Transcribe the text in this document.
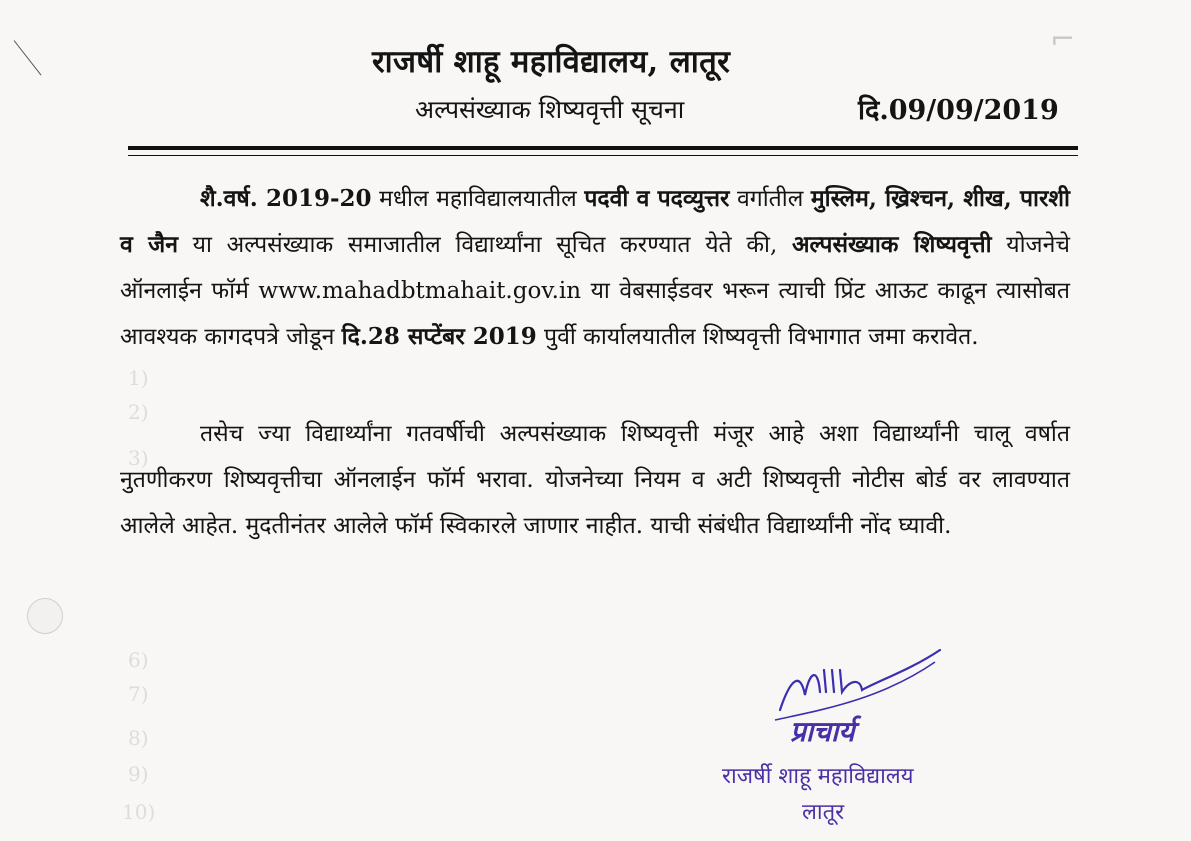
1)
2)
3)
6)
7)
8)
9)
10)
⌐
राजर्षी शाहू महाविद्यालय, लातूर
अल्पसंख्याक शिष्यवृत्ती सूचना	दि.09/09/2019
शै.वर्ष. 2019-20 मधील महाविद्यालयातील पदवी व पदव्युत्तर वर्गातील मुस्लिम, ख्रिश्चन, शीख, पारशी व जैन या अल्पसंख्याक समाजातील विद्यार्थ्यांना सूचित करण्यात येते की, अल्पसंख्याक शिष्यवृत्ती योजनेचे ऑनलाईन फॉर्म www.mahadbtmahait.gov.in या वेबसाईडवर भरून त्याची प्रिंट आऊट काढून त्यासोबत आवश्यक कागदपत्रे जोडून दि.28 सप्टेंबर 2019 पुर्वी कार्यालयातील शिष्यवृत्ती विभागात जमा करावेत.
तसेच ज्या विद्यार्थ्यांना गतवर्षीची अल्पसंख्याक शिष्यवृत्ती मंजूर आहे अशा विद्यार्थ्यांनी चालू वर्षात नुतणीकरण शिष्यवृत्तीचा ऑनलाईन फॉर्म भरावा. योजनेच्या नियम व अटी शिष्यवृत्ती नोटीस बोर्ड वर लावण्यात आलेले आहेत. मुदतीनंतर आलेले फॉर्म स्विकारले जाणार नाहीत. याची संबंधीत विद्यार्थ्यांनी नोंद घ्यावी.
प्राचार्य
राजर्षी शाहू महाविद्यालय
लातूर
